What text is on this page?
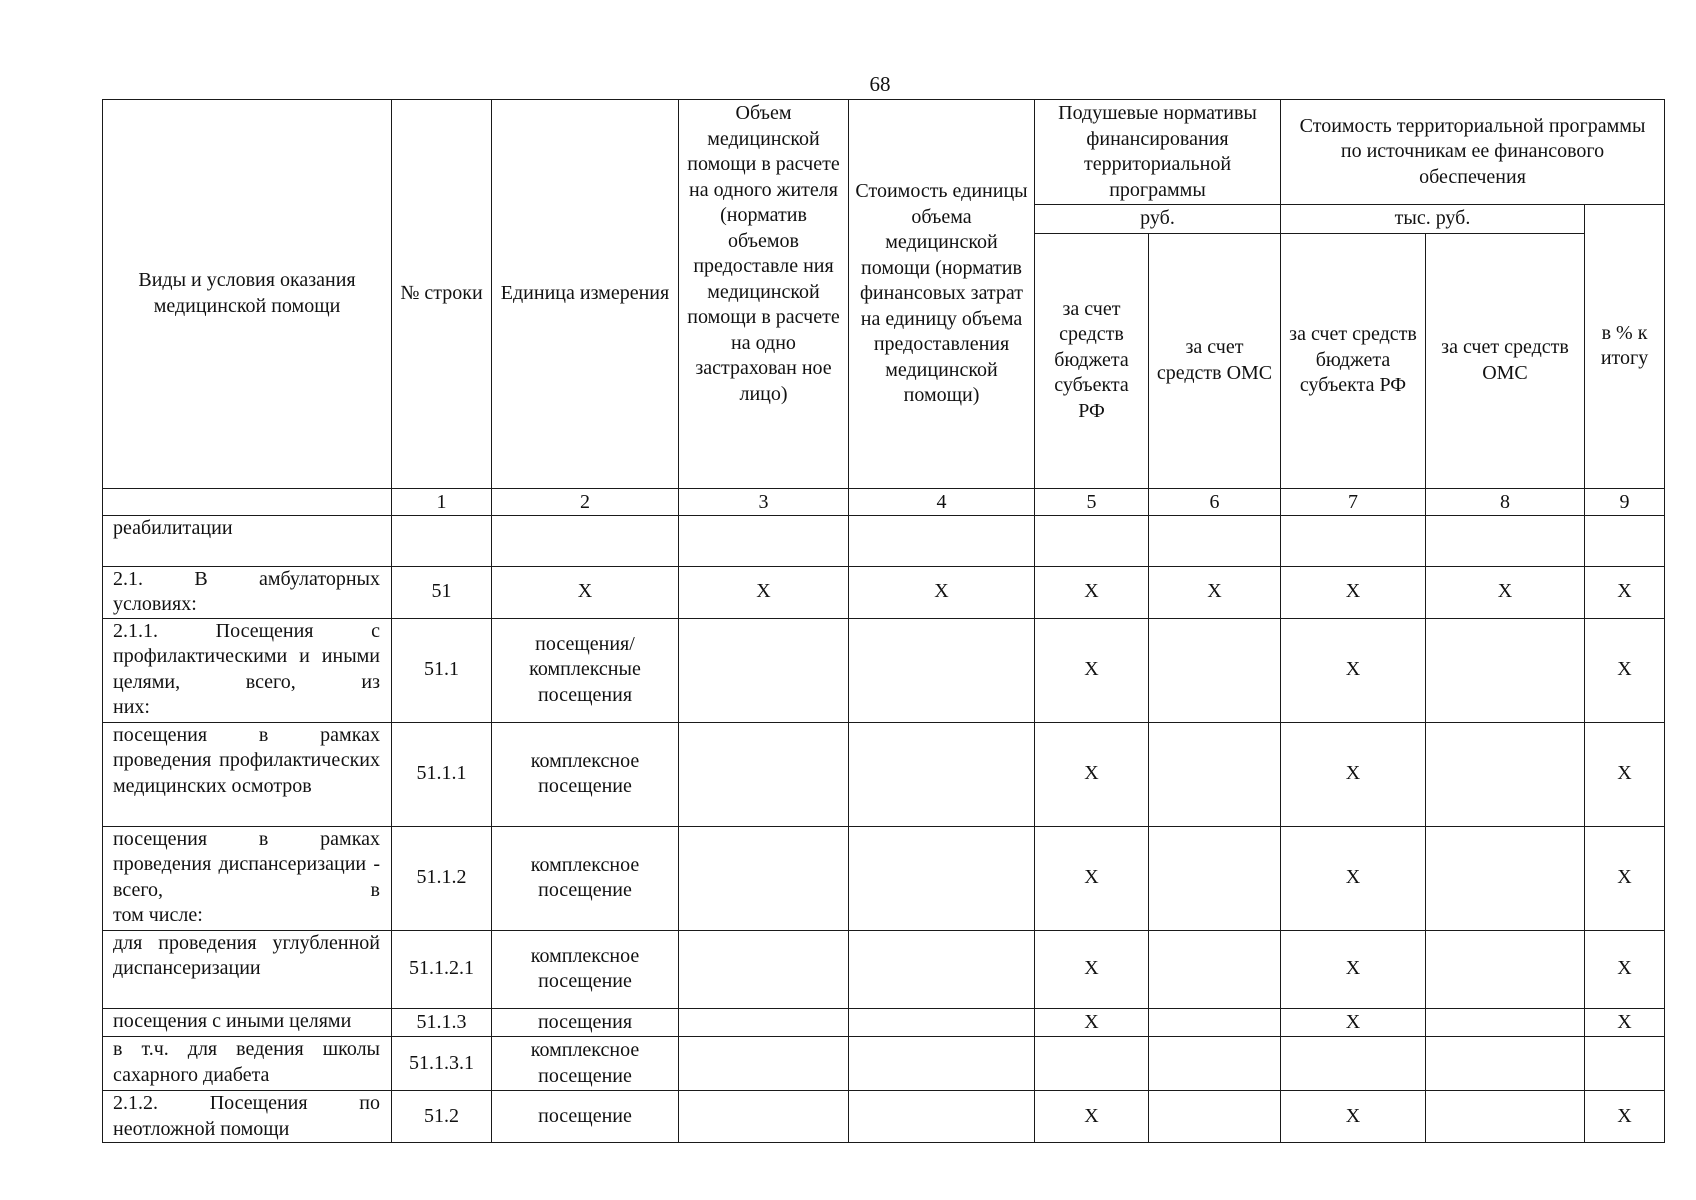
68
Виды и условия оказания медицинской помощи	№ строки	Единица измерения	Объем медицинской помощи в расчете на одного жителя (норматив объемов предоставле ния медицинской помощи в расчете на одно застрахован ное лицо)	Стоимость единицы объема медицинской помощи (норматив финансовых затрат на единицу объема предоставления медицинской помощи)	Подушевые нормативы финансирования территориальной программы		Стоимость территориальной программы по источникам ее финансового обеспечения		
					руб.		тыс. руб.		в % к итогу
					за счет средств бюджета субъекта РФ	за счет средств ОМС	за счет средств бюджета субъекта РФ	за счет средств ОМС	
	1	2	3	4	5	6	7	8	9
реабилитации									
2.1. В амбулаторных
условиях:	51	Х	Х	Х	Х	Х	Х	Х	Х
2.1.1. Посещения с профилактическими и иными целями, всего, из
них:	51.1	посещения/ комплексные посещения			Х		Х		Х
посещения в рамках проведения профилактических
медицинских осмотров	51.1.1	комплексное посещение			Х		Х		Х
посещения в рамках проведения диспансеризации - всего, в
том числе:	51.1.2	комплексное посещение			Х		Х		Х
для проведения углубленной
диспансеризации	51.1.2.1	комплексное посещение			Х		Х		Х
посещения с иными целями	51.1.3	посещения			Х		Х		Х
в т.ч. для ведения школы
сахарного диабета	51.1.3.1	комплексное посещение							
2.1.2. Посещения по
неотложной помощи	51.2	посещение			Х		Х		Х
